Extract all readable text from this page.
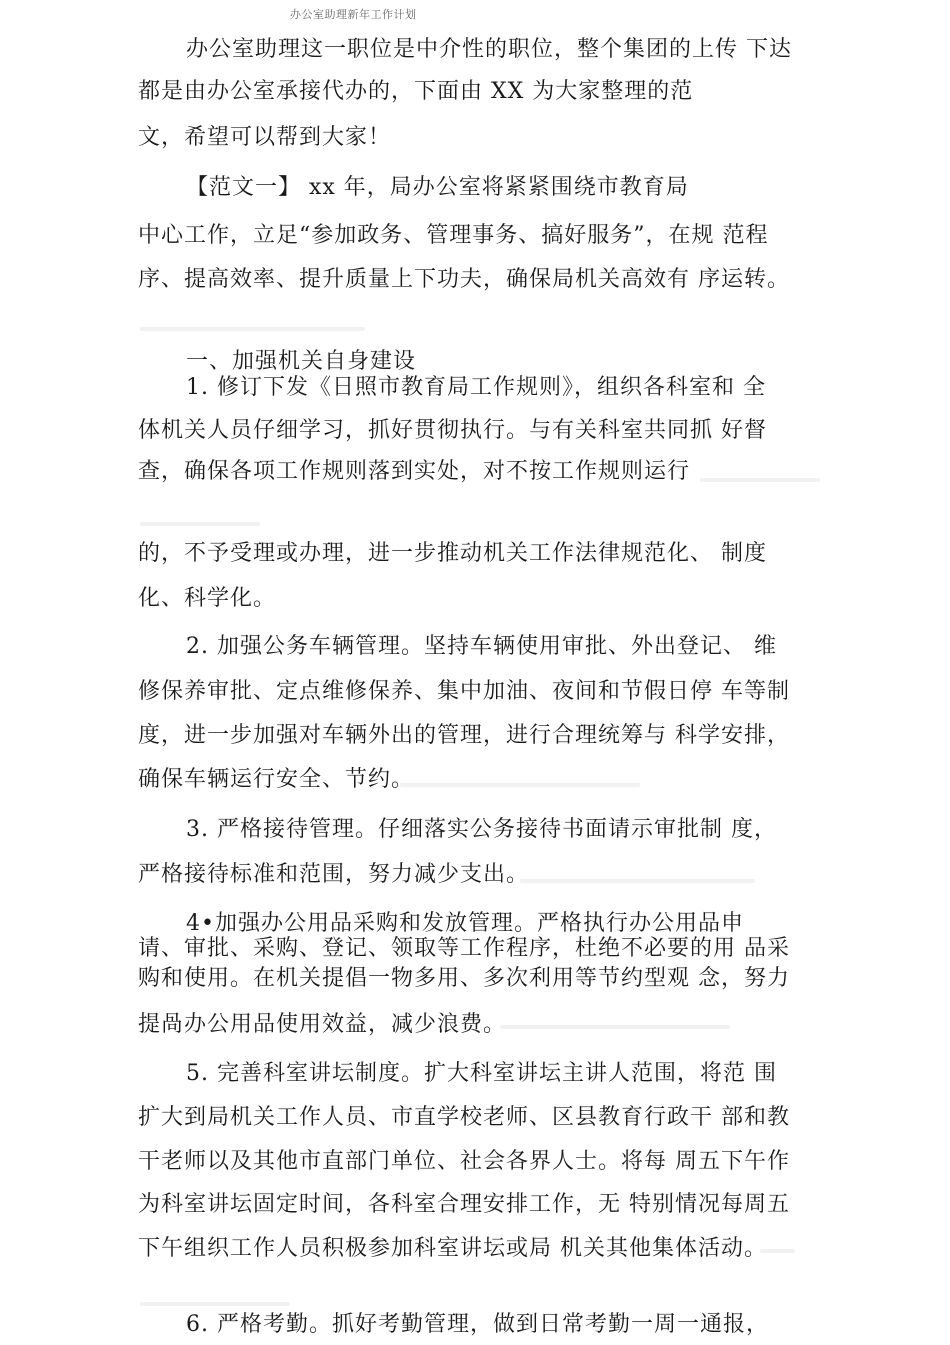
办公室助理新年工作计划
办公室助理这一职位是中介性的职位，整个集团的上传 下达
都是由办公室承接代办的，下面由 XX 为大家整理的范
文，希望可以帮到大家！
【范文一】 xx 年，局办公室将紧紧围绕市教育局
中心工作，立足“参加政务、管理事务、搞好服务”，在规 范程
序、提高效率、提升质量上下功夫，确保局机关高效有 序运转。
一、加强机关自身建设
1. 修订下发《日照市教育局工作规则》，组织各科室和 全
体机关人员仔细学习，抓好贯彻执行。与有关科室共同抓 好督
查，确保各项工作规则落到实处，对不按工作规则运行
的，不予受理或办理，进一步推动机关工作法律规范化、 制度
化、科学化。
2. 加强公务车辆管理。坚持车辆使用审批、外出登记、 维
修保养审批、定点维修保养、集中加油、夜间和节假日停 车等制
度，进一步加强对车辆外出的管理，进行合理统筹与 科学安排，
确保车辆运行安全、节约。
3. 严格接待管理。仔细落实公务接待书面请示审批制 度，
严格接待标准和范围，努力减少支出。
4•加强办公用品采购和发放管理。严格执行办公用品申
请、审批、采购、登记、领取等工作程序，杜绝不必要的用 品采
购和使用。在机关提倡一物多用、多次利用等节约型观 念，努力
提咼办公用品使用效益，减少浪费。
5. 完善科室讲坛制度。扩大科室讲坛主讲人范围，将范 围
扩大到局机关工作人员、市直学校老师、区县教育行政干 部和教
干老师以及其他市直部门单位、社会各界人士。将每 周五下午作
为科室讲坛固定时间，各科室合理安排工作，无 特别情况每周五
下午组织工作人员积极参加科室讲坛或局 机关其他集体活动。
6. 严格考勤。抓好考勤管理，做到日常考勤一周一通报，
